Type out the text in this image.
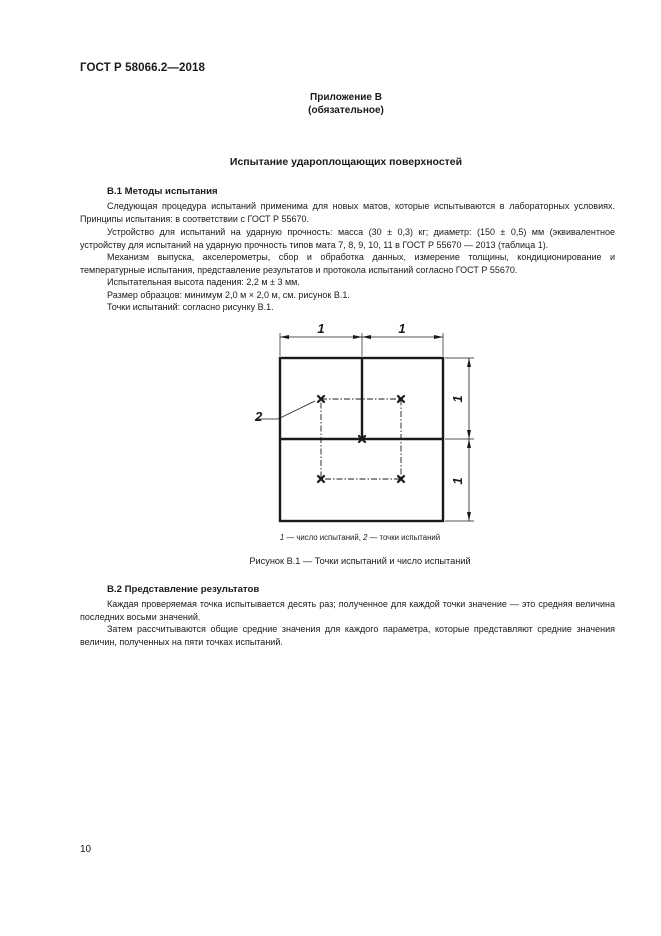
ГОСТ Р 58066.2—2018
Приложение В
(обязательное)
Испытание удароплощающих поверхностей
В.1 Методы испытания
Следующая процедура испытаний применима для новых матов, которые испытываются в лабораторных условиях. Принципы испытания: в соответствии с ГОСТ Р 55670.
Устройство для испытаний на ударную прочность: масса (30 ± 0,3) кг; диаметр: (150 ± 0,5) мм (эквивалентное устройству для испытаний на ударную прочность типов мата 7, 8, 9, 10, 11 в ГОСТ Р 55670 — 2013 (таблица 1).
Механизм выпуска, акселерометры, сбор и обработка данных, измерение толщины, кондиционирование и температурные испытания, представление результатов и протокола испытаний согласно ГОСТ Р 55670.
Испытательная высота падения: 2,2 м ± 3 мм.
Размер образцов: минимум 2,0 м × 2,0 м, см. рисунок В.1.
Точки испытаний: согласно рисунку В.1.
1	1
1
1
2
1 — число испытаний, 2 — точки испытаний
Рисунок В.1 — Точки испытаний и число испытаний
В.2 Представление результатов
Каждая проверяемая точка испытывается десять раз; полученное для каждой точки значение — это средняя величина последних восьми значений.
Затем рассчитываются общие средние значения для каждого параметра, которые представляют средние значения величин, полученных на пяти точках испытаний.
10
